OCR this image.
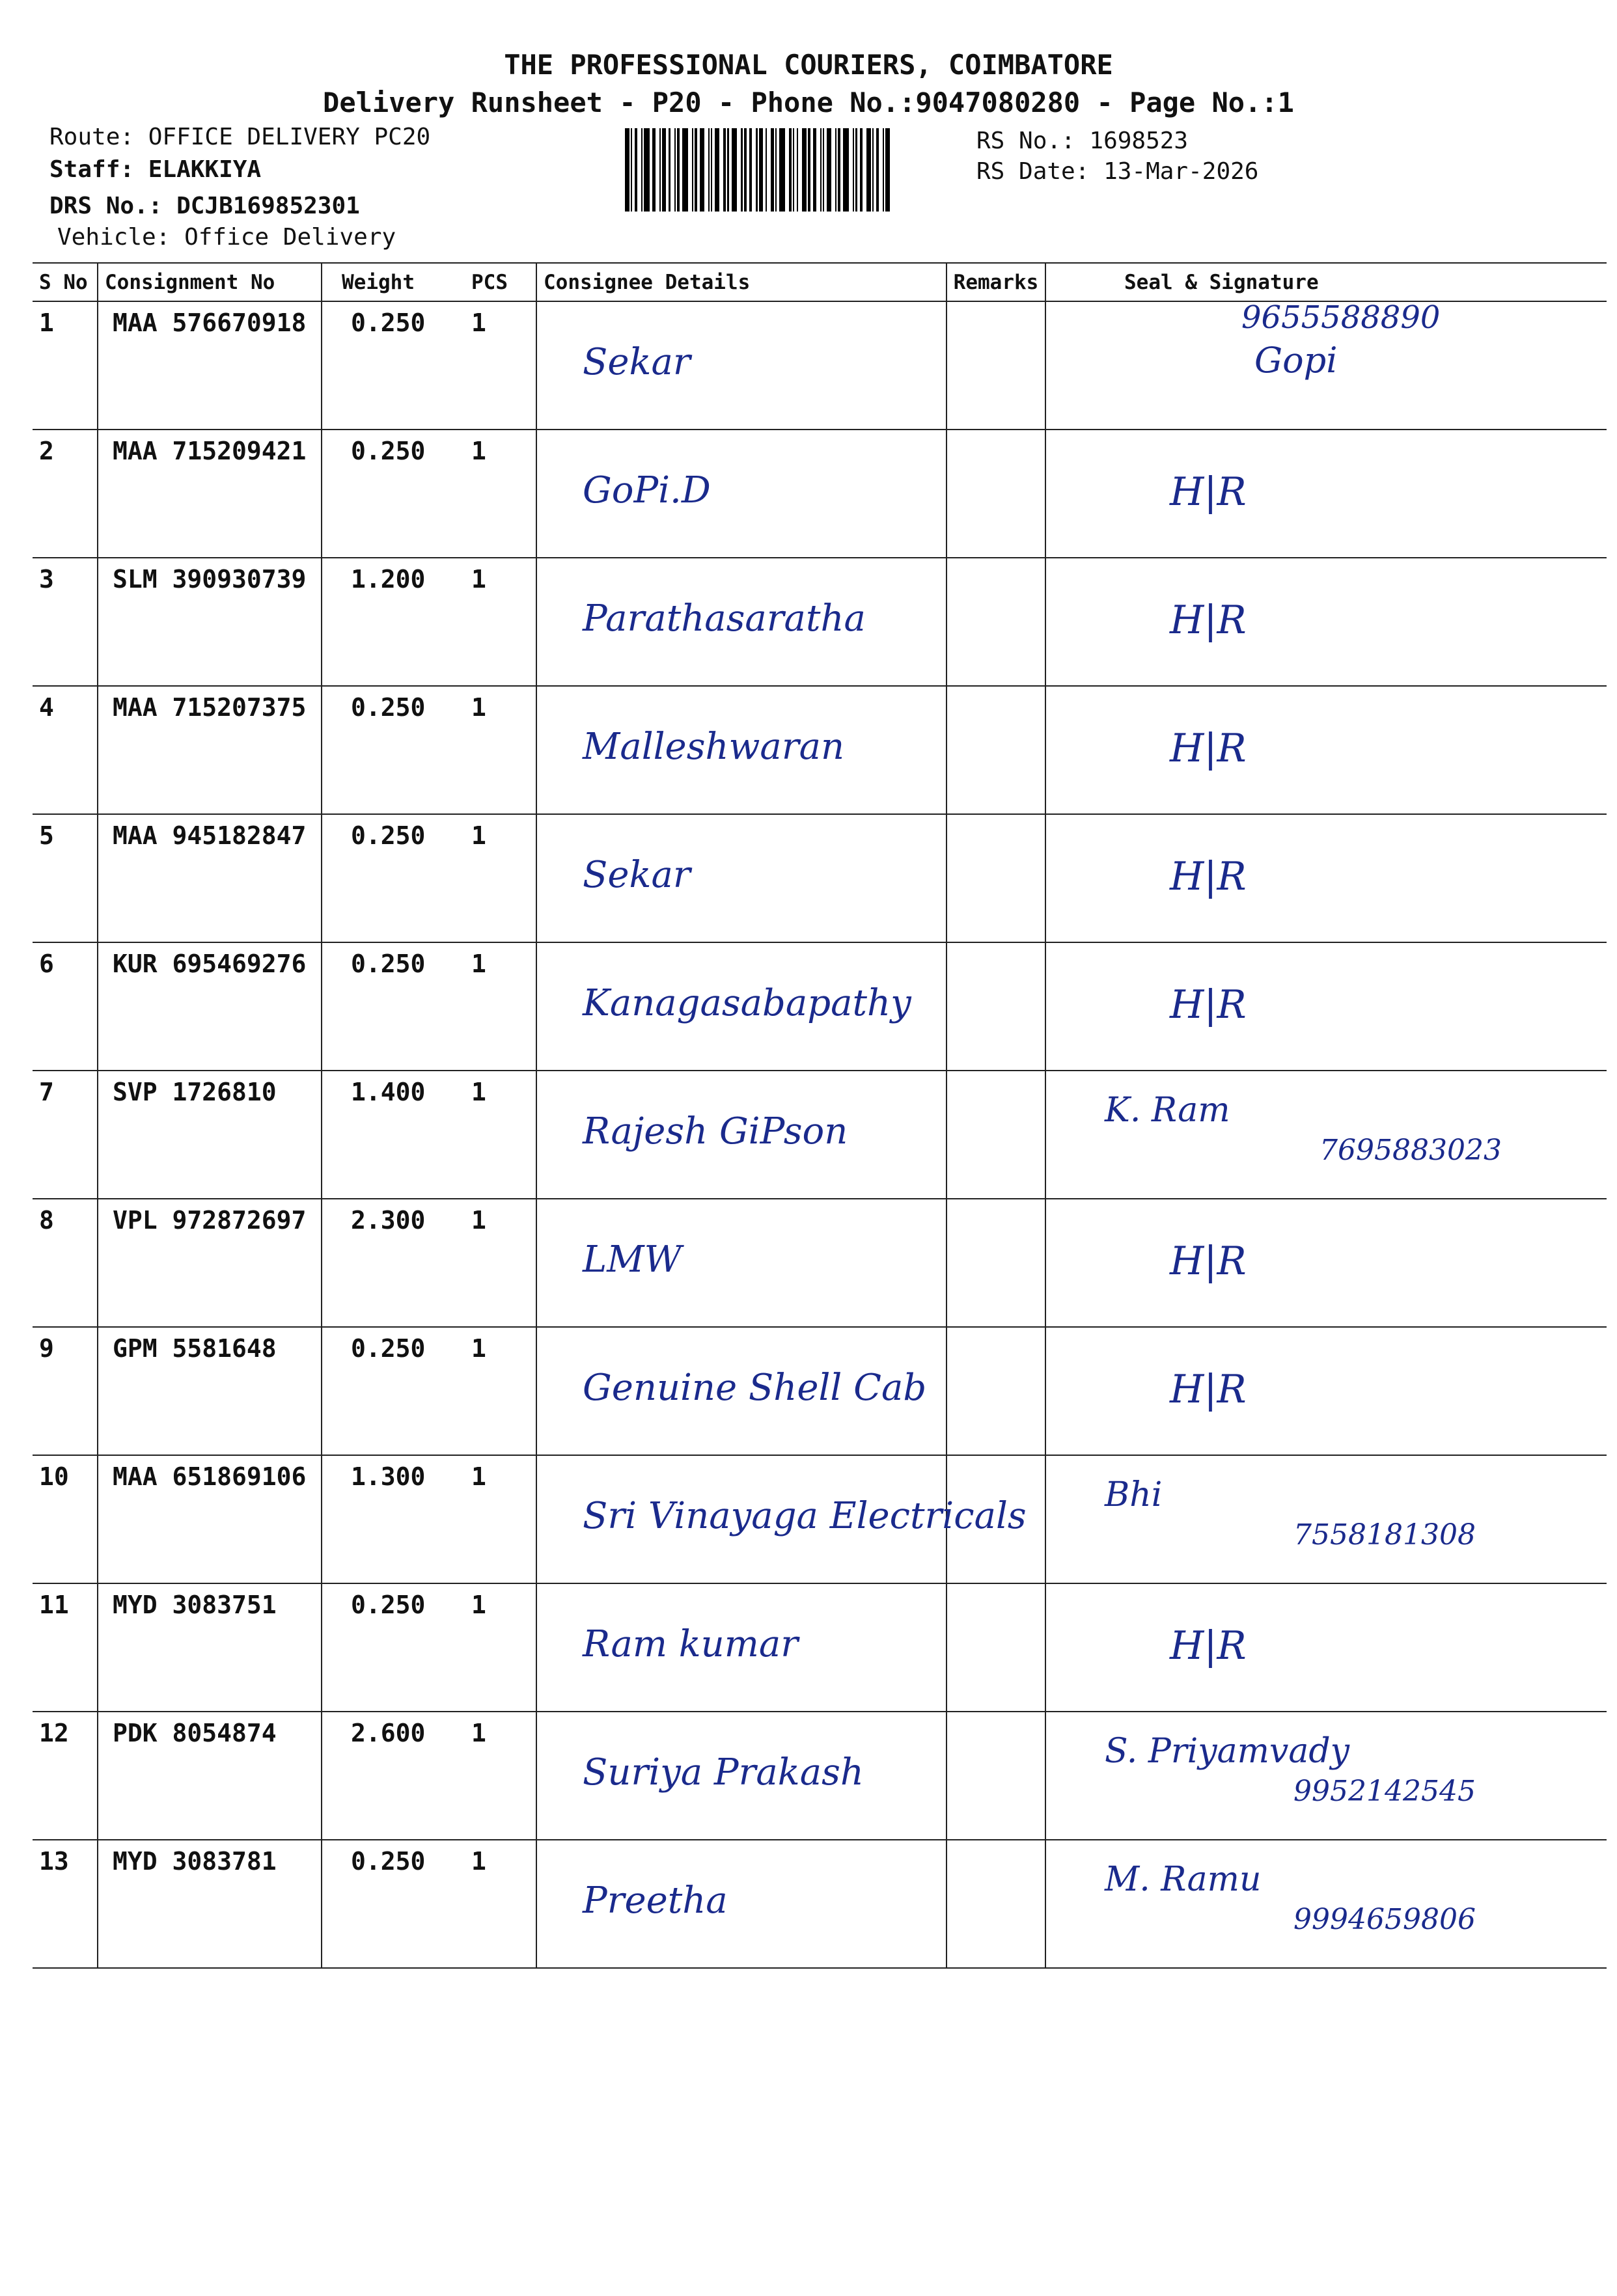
THE PROFESSIONAL COURIERS, COIMBATORE
Delivery Runsheet - P20 - Phone No.:9047080280 - Page No.:1
Route: OFFICE DELIVERY PC20
Staff: ELAKKIYA
DRS No.: DCJB169852301
Vehicle: Office Delivery
RS No.: 1698523
RS Date: 13-Mar-2026
S No	Consignment No	Weight	PCS	Consignee Details	Remarks	Seal & Signature
1	MAA 576670918	0.250	1	Sekar		9655588890
Gopi

2	MAA 715209421	0.250	1	GoPi.D		H|R

3	SLM 390930739	1.200	1	Parathasaratha		H|R

4	MAA 715207375	0.250	1	Malleshwaran		H|R

5	MAA 945182847	0.250	1	Sekar		H|R

6	KUR 695469276	0.250	1	Kanagasabapathy		H|R

7	SVP 1726810	1.400	1	Rajesh GiPson		K. Ram
7695883023

8	VPL 972872697	2.300	1	LMW		H|R

9	GPM 5581648	0.250	1	Genuine Shell Cab		H|R

10	MAA 651869106	1.300	1	Sri Vinayaga Electricals		Bhi
7558181308

11	MYD 3083751	0.250	1	Ram kumar		H|R

12	PDK 8054874	2.600	1	Suriya Prakash		S. Priyamvady
9952142545

13	MYD 3083781	0.250	1	Preetha		M. Ramu
9994659806
